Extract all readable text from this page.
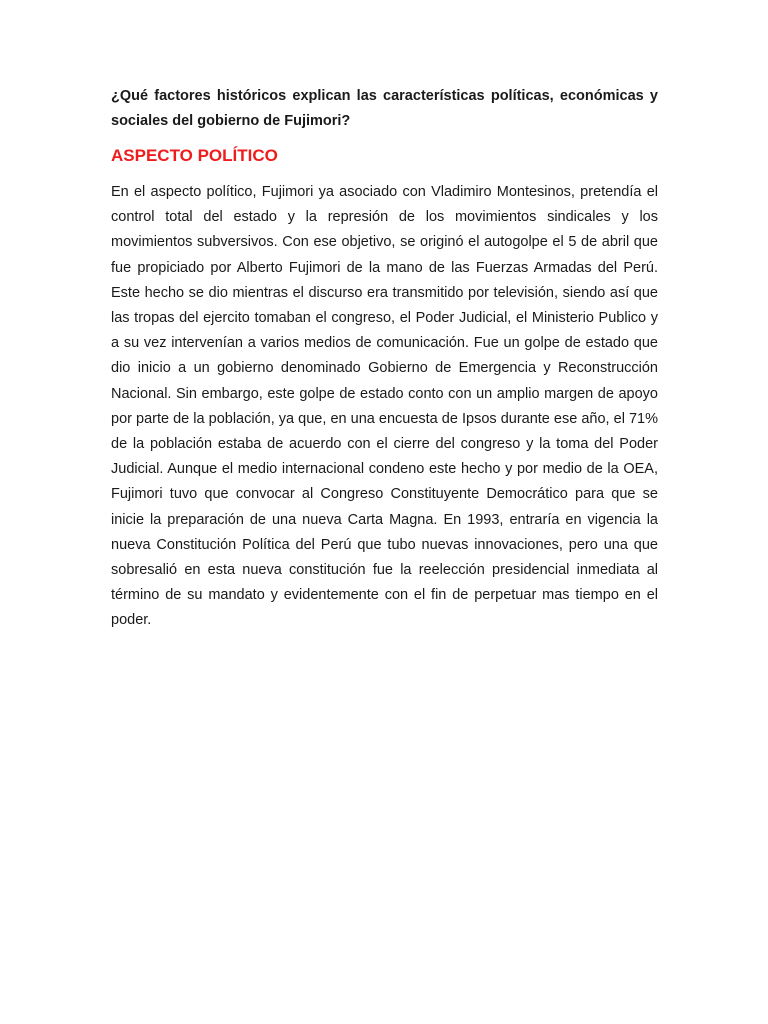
¿Qué factores históricos explican las características políticas, económicas y sociales del gobierno de Fujimori?

ASPECTO POLÍTICO

En el aspecto político, Fujimori ya asociado con Vladimiro Montesinos, pretendía el control total del estado y la represión de los movimientos sindicales y los movimientos subversivos. Con ese objetivo, se originó el autogolpe el 5 de abril que fue propiciado por Alberto Fujimori de la mano de las Fuerzas Armadas del Perú. Este hecho se dio mientras el discurso era transmitido por televisión, siendo así que las tropas del ejercito tomaban el congreso, el Poder Judicial, el Ministerio Publico y a su vez intervenían a varios medios de comunicación. Fue un golpe de estado que dio inicio a un gobierno denominado Gobierno de Emergencia y Reconstrucción Nacional. Sin embargo, este golpe de estado conto con un amplio margen de apoyo por parte de la población, ya que, en una encuesta de Ipsos durante ese año, el 71% de la población estaba de acuerdo con el cierre del congreso y la toma del Poder Judicial. Aunque el medio internacional condeno este hecho y por medio de la OEA, Fujimori tuvo que convocar al Congreso Constituyente Democrático para que se inicie la preparación de una nueva Carta Magna. En 1993, entraría en vigencia la nueva Constitución Política del Perú que tubo nuevas innovaciones, pero una que sobresalió en esta nueva constitución fue la reelección presidencial inmediata al término de su mandato y evidentemente con el fin de perpetuar mas tiempo en el poder.
